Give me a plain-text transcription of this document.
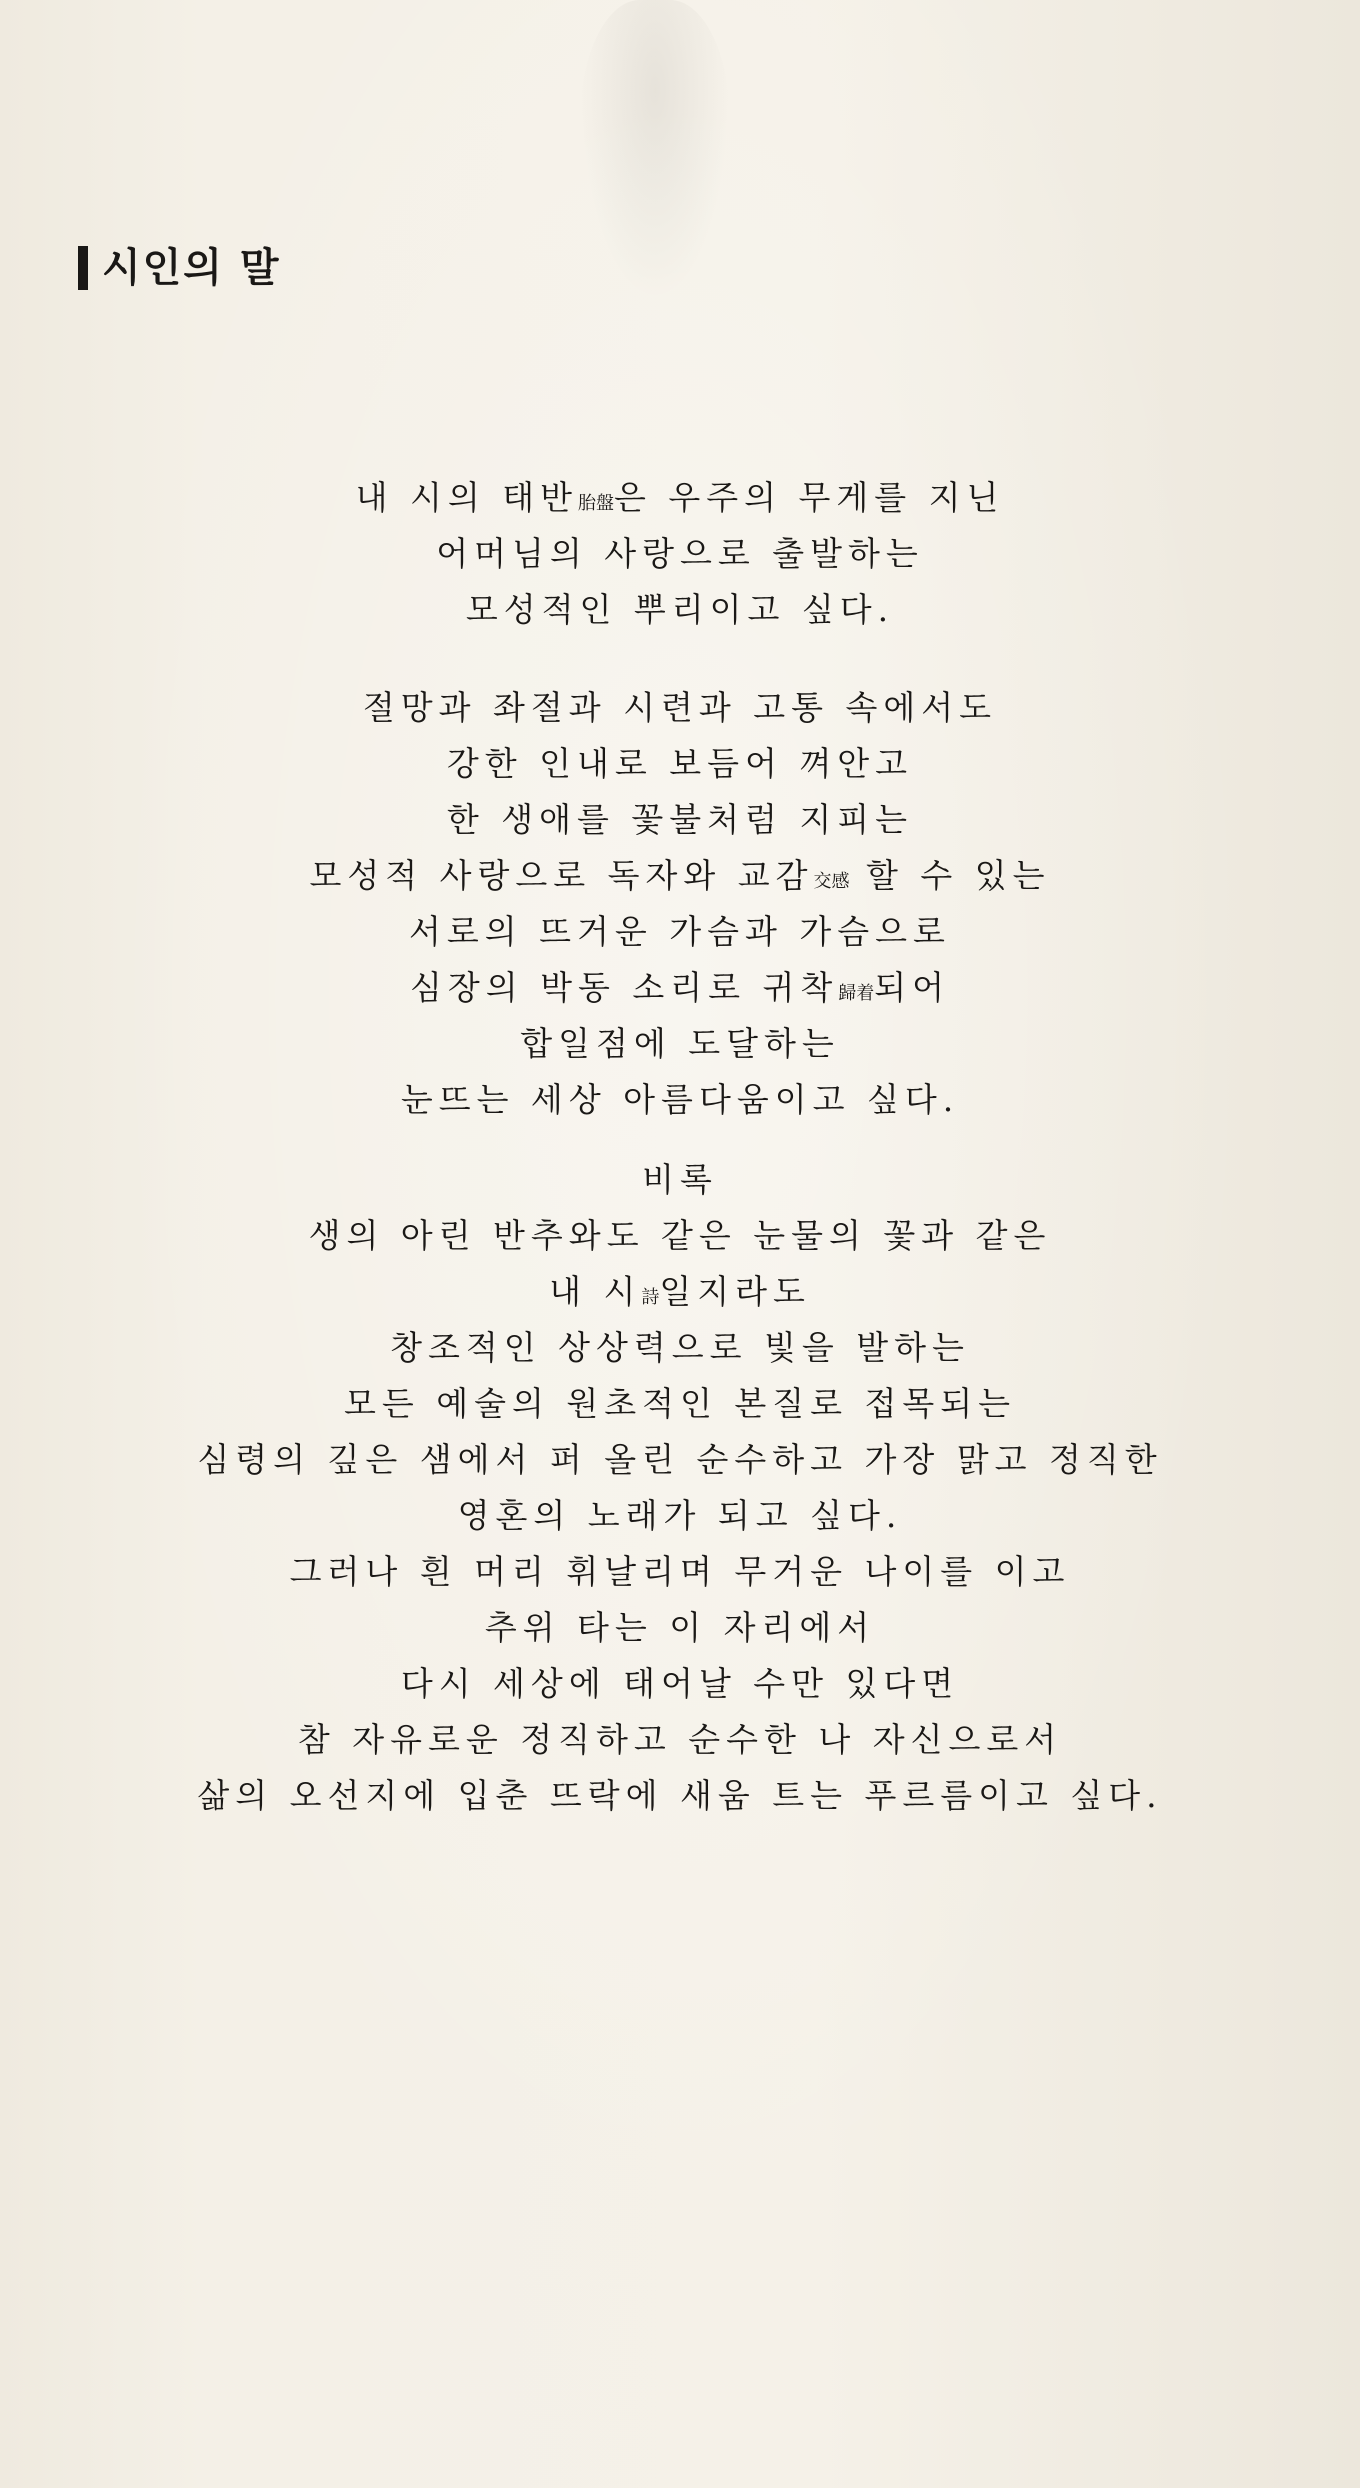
시인의 말
내 시의 태반胎盤은 우주의 무게를 지닌
어머님의 사랑으로 출발하는
모성적인 뿌리이고 싶다.
절망과 좌절과 시련과 고통 속에서도
강한 인내로 보듬어 껴안고
한 생애를 꽃불처럼 지피는
모성적 사랑으로 독자와 교감交感 할 수 있는
서로의 뜨거운 가슴과 가슴으로
심장의 박동 소리로 귀착歸着되어
합일점에 도달하는
눈뜨는 세상 아름다움이고 싶다.
비록
생의 아린 반추와도 같은 눈물의 꽃과 같은
내 시詩일지라도
창조적인 상상력으로 빛을 발하는
모든 예술의 원초적인 본질로 접목되는
심령의 깊은 샘에서 퍼 올린 순수하고 가장 맑고 정직한
영혼의 노래가 되고 싶다.
그러나 흰 머리 휘날리며 무거운 나이를 이고
추위 타는 이 자리에서
다시 세상에 태어날 수만 있다면
참 자유로운 정직하고 순수한 나 자신으로서
삶의 오선지에 입춘 뜨락에 새움 트는 푸르름이고 싶다.
